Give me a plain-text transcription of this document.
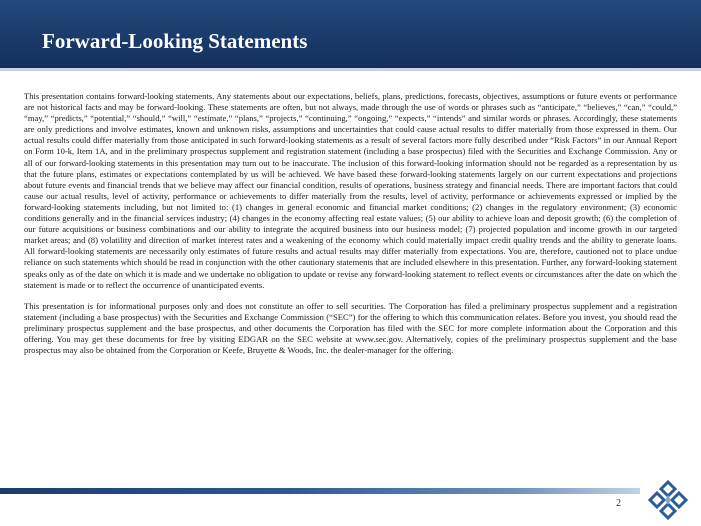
Forward-Looking Statements

This presentation contains forward-looking statements. Any statements about our expectations, beliefs, plans, predictions, forecasts, objectives, assumptions or future events or performance are not historical facts and may be forward-looking. These statements are often, but not always, made through the use of words or phrases such as “anticipate,” “believes,” “can,” “could,” “may,” “predicts,” “potential,” “should,” “will,” “estimate,” “plans,” “projects,” “continuing,” “ongoing,” “expects,” “intends” and similar words or phrases. Accordingly, these statements are only predictions and involve estimates, known and unknown risks, assumptions and uncertainties that could cause actual results to differ materially from those expressed in them. Our actual results could differ materially from those anticipated in such forward-looking statements as a result of several factors more fully described under “Risk Factors” in our Annual Report on Form 10-k, Item 1A, and in the preliminary prospectus supplement and registration statement (including a base prospectus) filed with the Securities and Exchange Commission. Any or all of our forward-looking statements in this presentation may turn out to be inaccurate. The inclusion of this forward-looking information should not be regarded as a representation by us that the future plans, estimates or expectations contemplated by us will be achieved. We have based these forward-looking statements largely on our current expectations and projections about future events and financial trends that we believe may affect our financial condition, results of operations, business strategy and financial needs. There are important factors that could cause our actual results, level of activity, performance or achievements to differ materially from the results, level of activity, performance or achievements expressed or implied by the forward-looking statements including, but not limited to: (1) changes in general economic and financial market conditions; (2) changes in the regulatory environment; (3) economic conditions generally and in the financial services industry; (4) changes in the economy affecting real estate values; (5) our ability to achieve loan and deposit growth; (6) the completion of our future acquisitions or business combinations and our ability to integrate the acquired business into our business model; (7) projected population and income growth in our targeted market areas; and (8) volatility and direction of market interest rates and a weakening of the economy which could materially impact credit quality trends and the ability to generate loans. All forward-looking statements are necessarily only estimates of future results and actual results may differ materially from expectations. You are, therefore, cautioned not to place undue reliance on such statements which should be read in conjunction with the other cautionary statements that are included elsewhere in this presentation. Further, any forward-looking statement speaks only as of the date on which it is made and we undertake no obligation to update or revise any forward-looking statement to reflect events or circumstances after the date on which the statement is made or to reflect the occurrence of unanticipated events.

This presentation is for informational purposes only and does not constitute an offer to sell securities. The Corporation has filed a preliminary prospectus supplement and a registration statement (including a base prospectus) with the Securities and Exchange Commission (“SEC”) for the offering to which this communication relates. Before you invest, you should read the preliminary prospectus supplement and the base prospectus, and other documents the Corporation has filed with the SEC for more complete information about the Corporation and this offering. You may get these documents for free by visiting EDGAR on the SEC website at www.sec.gov. Alternatively, copies of the preliminary prospectus supplement and the base prospectus may also be obtained from the Corporation or Keefe, Bruyette & Woods, Inc. the dealer-manager for the offering.

2
